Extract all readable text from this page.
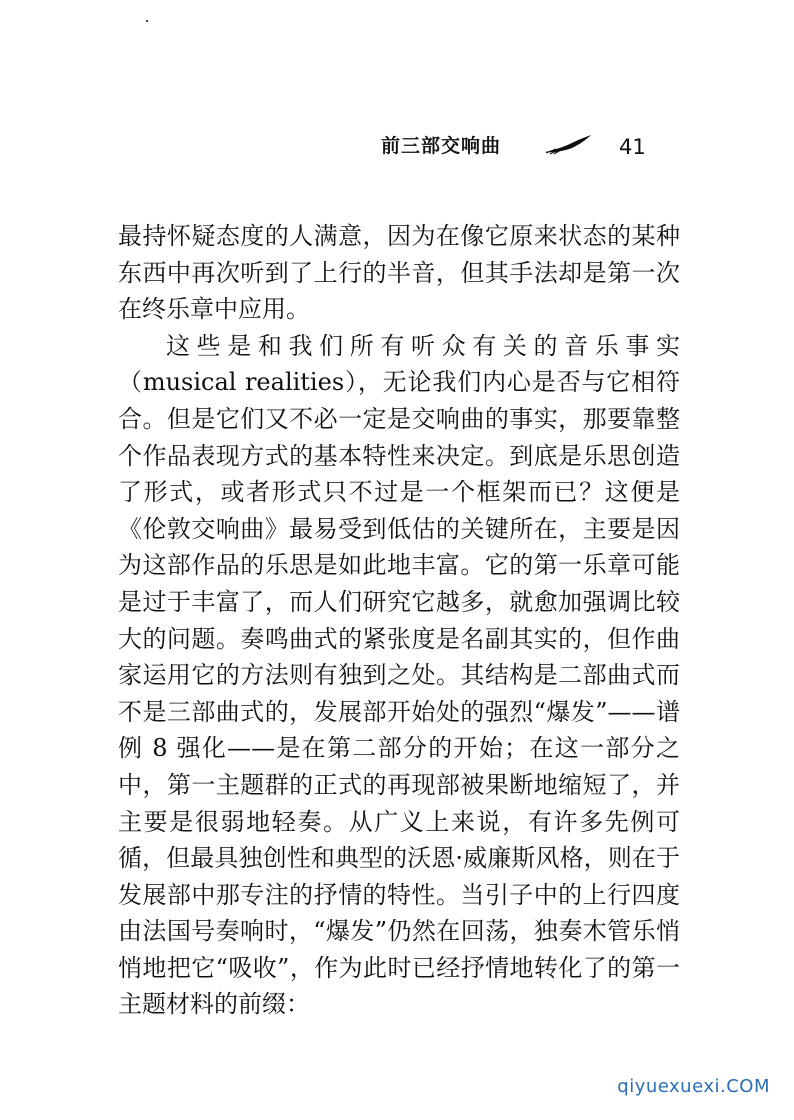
前三部交响曲	41

最持怀疑态度的人满意，因为在像它原来状态的某种东西中再次听到了上行的半音，但其手法却是第一次在终乐章中应用。

这些是和我们所有听众有关的音乐事实（musical realities），无论我们内心是否与它相符合。但是它们又不必一定是交响曲的事实，那要靠整个作品表现方式的基本特性来决定。到底是乐思创造了形式，或者形式只不过是一个框架而已？这便是《伦敦交响曲》最易受到低估的关键所在，主要是因为这部作品的乐思是如此地丰富。它的第一乐章可能是过于丰富了，而人们研究它越多，就愈加强调比较大的问题。奏鸣曲式的紧张度是名副其实的，但作曲家运用它的方法则有独到之处。其结构是二部曲式而不是三部曲式的，发展部开始处的强烈“爆发”——谱例 8 强化——是在第二部分的开始；在这一部分之中，第一主题群的正式的再现部被果断地缩短了，并主要是很弱地轻奏。从广义上来说，有许多先例可循，但最具独创性和典型的沃恩·威廉斯风格，则在于发展部中那专注的抒情的特性。当引子中的上行四度由法国号奏响时，“爆发”仍然在回荡，独奏木管乐悄悄地把它“吸收”，作为此时已经抒情地转化了的第一主题材料的前缀：

qiyuexuexi.COM
